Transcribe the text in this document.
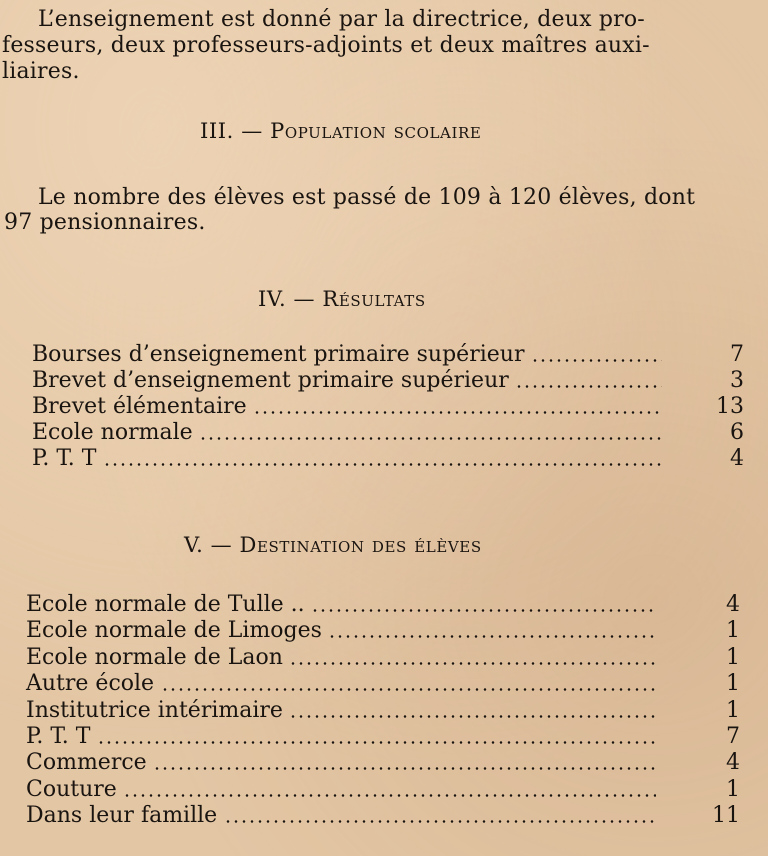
L’enseignement est donné par la directrice, deux pro-
fesseurs, deux professeurs-adjoints et deux maîtres auxi-
liaires.
III. — Population scolaire
Le nombre des élèves est passé de 109 à 120 élèves, dont
97 pensionnaires.
IV. — Résultats
Bourses d’enseignement primaire supérieur	7
Brevet d’enseignement primaire supérieur	3
Brevet élémentaire	13
Ecole normale	6
P. T. T	4
V. — Destination des élèves
Ecole normale de Tulle ..	4
Ecole normale de Limoges	1
Ecole normale de Laon	1
Autre école	1
Institutrice intérimaire	1
P. T. T	7
Commerce	4
Couture	1
Dans leur famille	11
